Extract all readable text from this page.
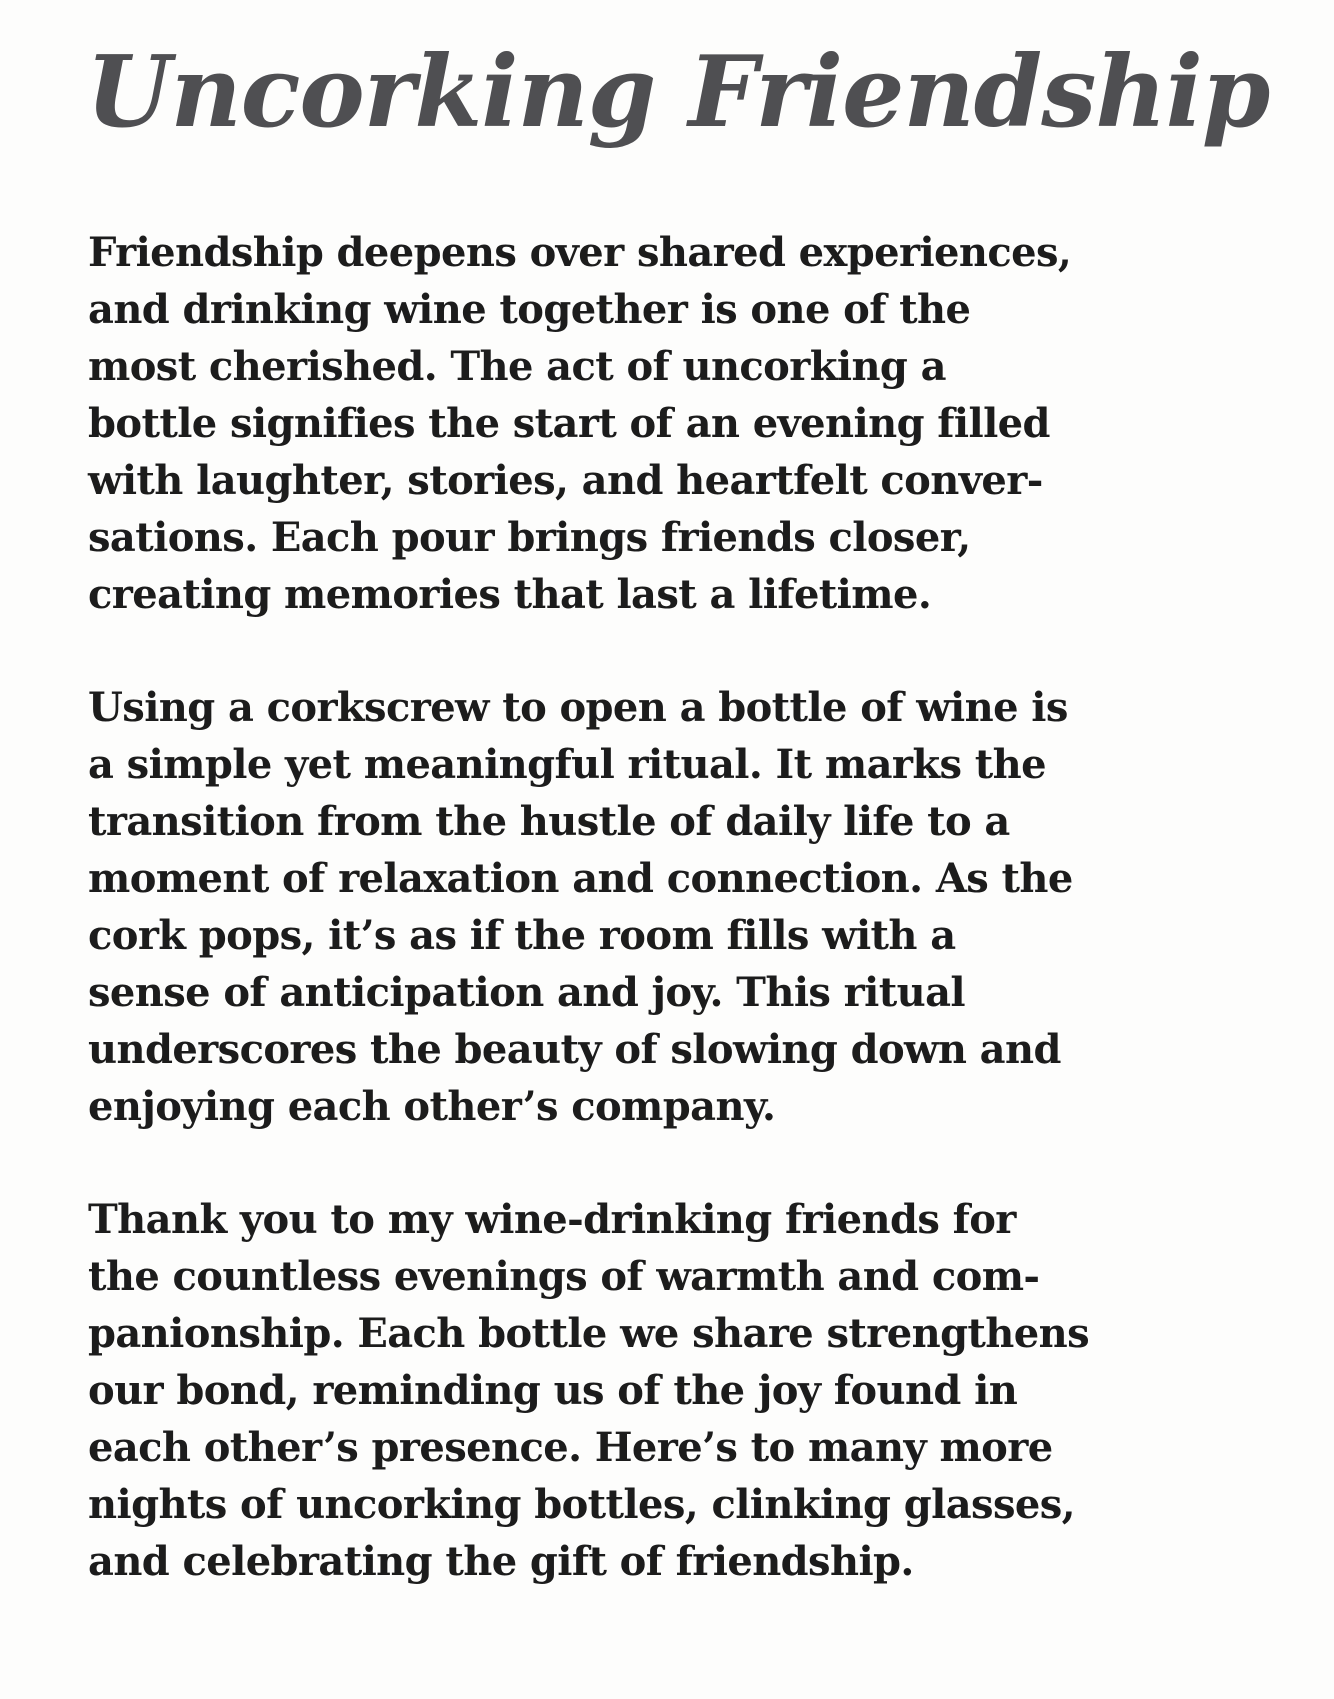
Uncorking Friendship

Friendship deepens over shared experiences,
and drinking wine together is one of the
most cherished. The act of uncorking a
bottle signifies the start of an evening filled
with laughter, stories, and heartfelt conver-
sations. Each pour brings friends closer,
creating memories that last a lifetime.

Using a corkscrew to open a bottle of wine is
a simple yet meaningful ritual. It marks the
transition from the hustle of daily life to a
moment of relaxation and connection. As the
cork pops, it’s as if the room fills with a
sense of anticipation and joy. This ritual
underscores the beauty of slowing down and
enjoying each other’s company.

Thank you to my wine-drinking friends for
the countless evenings of warmth and com-
panionship. Each bottle we share strengthens
our bond, reminding us of the joy found in
each other’s presence. Here’s to many more
nights of uncorking bottles, clinking glasses,
and celebrating the gift of friendship.
